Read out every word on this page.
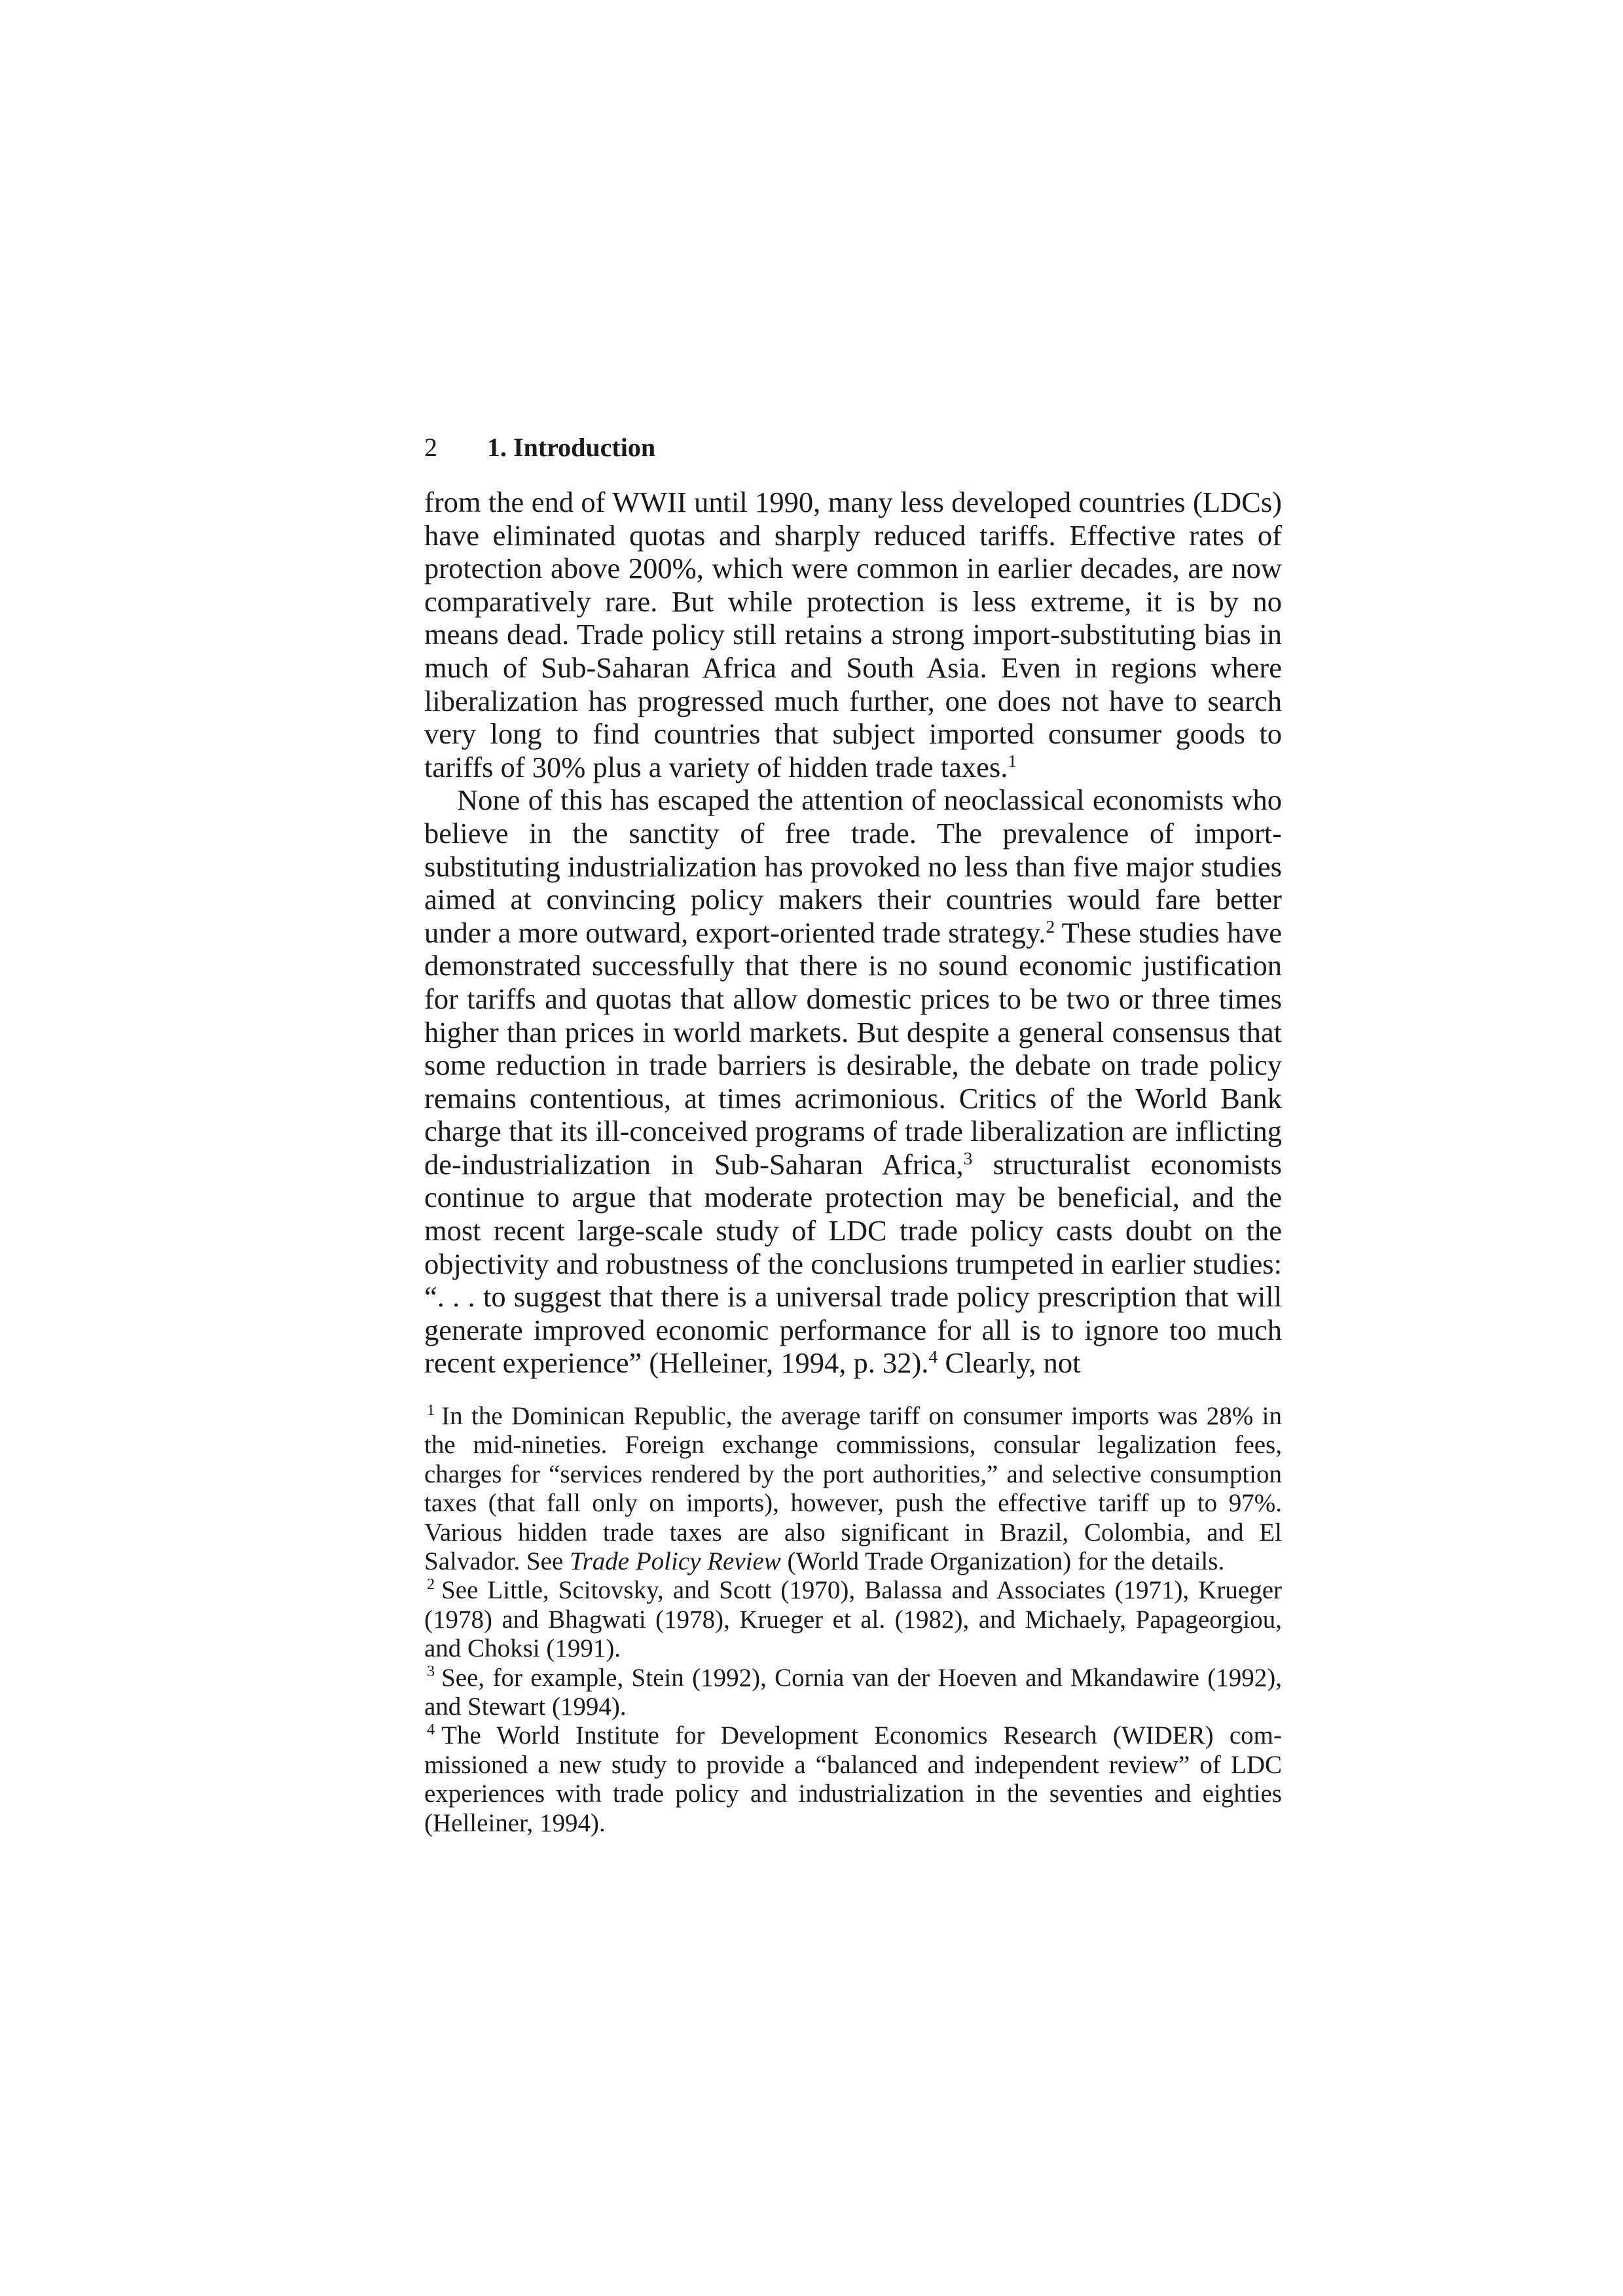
2 1. Introduction

from the end of WWII until 1990, many less developed countries (LDCs) have eliminated quotas and sharply reduced tariffs. Effective rates of protection above 200%, which were common in earlier decades, are now comparatively rare. But while protection is less extreme, it is by no means dead. Trade policy still retains a strong import-substituting bias in much of Sub-Saharan Africa and South Asia. Even in regions where liberalization has progressed much further, one does not have to search very long to find countries that subject imported consumer goods to tariffs of 30% plus a variety of hidden trade taxes.$^1$

None of this has escaped the attention of neoclassical economists who believe in the sanctity of free trade. The prevalence of import-substituting industrialization has provoked no less than five major studies aimed at convincing policy makers their countries would fare better under a more outward, export-oriented trade strategy.$^2$ These studies have demonstrated successfully that there is no sound economic justification for tariffs and quotas that allow domestic prices to be two or three times higher than prices in world markets. But despite a general consensus that some reduction in trade barriers is desirable, the debate on trade policy remains contentious, at times acrimonious. Critics of the World Bank charge that its ill-conceived programs of trade liberalization are inflicting de-industrialization in Sub-Saharan Africa,$^3$ structuralist economists continue to argue that moderate protection may be beneficial, and the most recent large-scale study of LDC trade policy casts doubt on the objectivity and robustness of the conclusions trumpeted in earlier studies: “. . . to suggest that there is a universal trade policy prescription that will generate improved economic performance for all is to ignore too much recent experience” (Helleiner, 1994, p. 32).$^4$ Clearly, not

$^1$ In the Dominican Republic, the average tariff on consumer imports was 28% in the mid-nineties. Foreign exchange commissions, consular legalization fees, charges for “services rendered by the port authorities,” and selective consumption taxes (that fall only on imports), however, push the effective tariff up to 97%. Various hidden trade taxes are also significant in Brazil, Colombia, and El Salvador. See Trade Policy Review (World Trade Organization) for the details.

$^2$ See Little, Scitovsky, and Scott (1970), Balassa and Associates (1971), Krueger (1978) and Bhagwati (1978), Krueger et al. (1982), and Michaely, Papageorgiou, and Choksi (1991).

$^3$ See, for example, Stein (1992), Cornia van der Hoeven and Mkandawire (1992), and Stewart (1994).

$^4$ The World Institute for Development Economics Research (WIDER) commissioned a new study to provide a “balanced and independent review” of LDC experiences with trade policy and industrialization in the seventies and eighties (Helleiner, 1994).
